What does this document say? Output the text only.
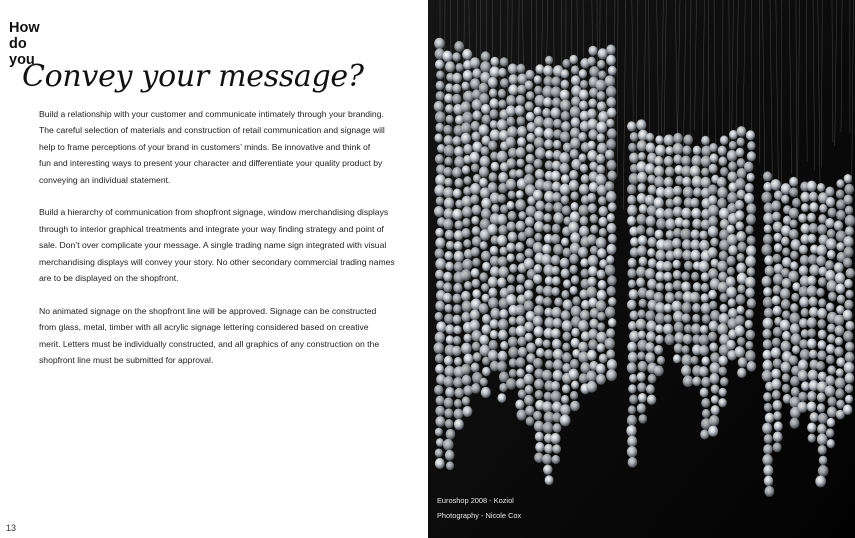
How
do
you
Convey your message?

Build a relationship with your customer and communicate intimately through your branding.
The careful selection of materials and construction of retail communication and signage will
help to frame perceptions of your brand in customers’ minds. Be innovative and think of
fun and interesting ways to present your character and differentiate your quality product by
conveying an individual statement.

Build a hierarchy of communication from shopfront signage, window merchandising displays
through to interior graphical treatments and integrate your way finding strategy and point of
sale. Don’t over complicate your message. A single trading name sign integrated with visual
merchandising displays will convey your story. No other secondary commercial trading names
are to be displayed on the shopfront.

No animated signage on the shopfront line will be approved. Signage can be constructed
from glass, metal, timber with all acrylic signage lettering considered based on creative
merit. Letters must be individually constructed, and all graphics of any construction on the
shopfront line must be submitted for approval.

13
Euroshop 2008 - Koziol
Photography - Nicole Cox
